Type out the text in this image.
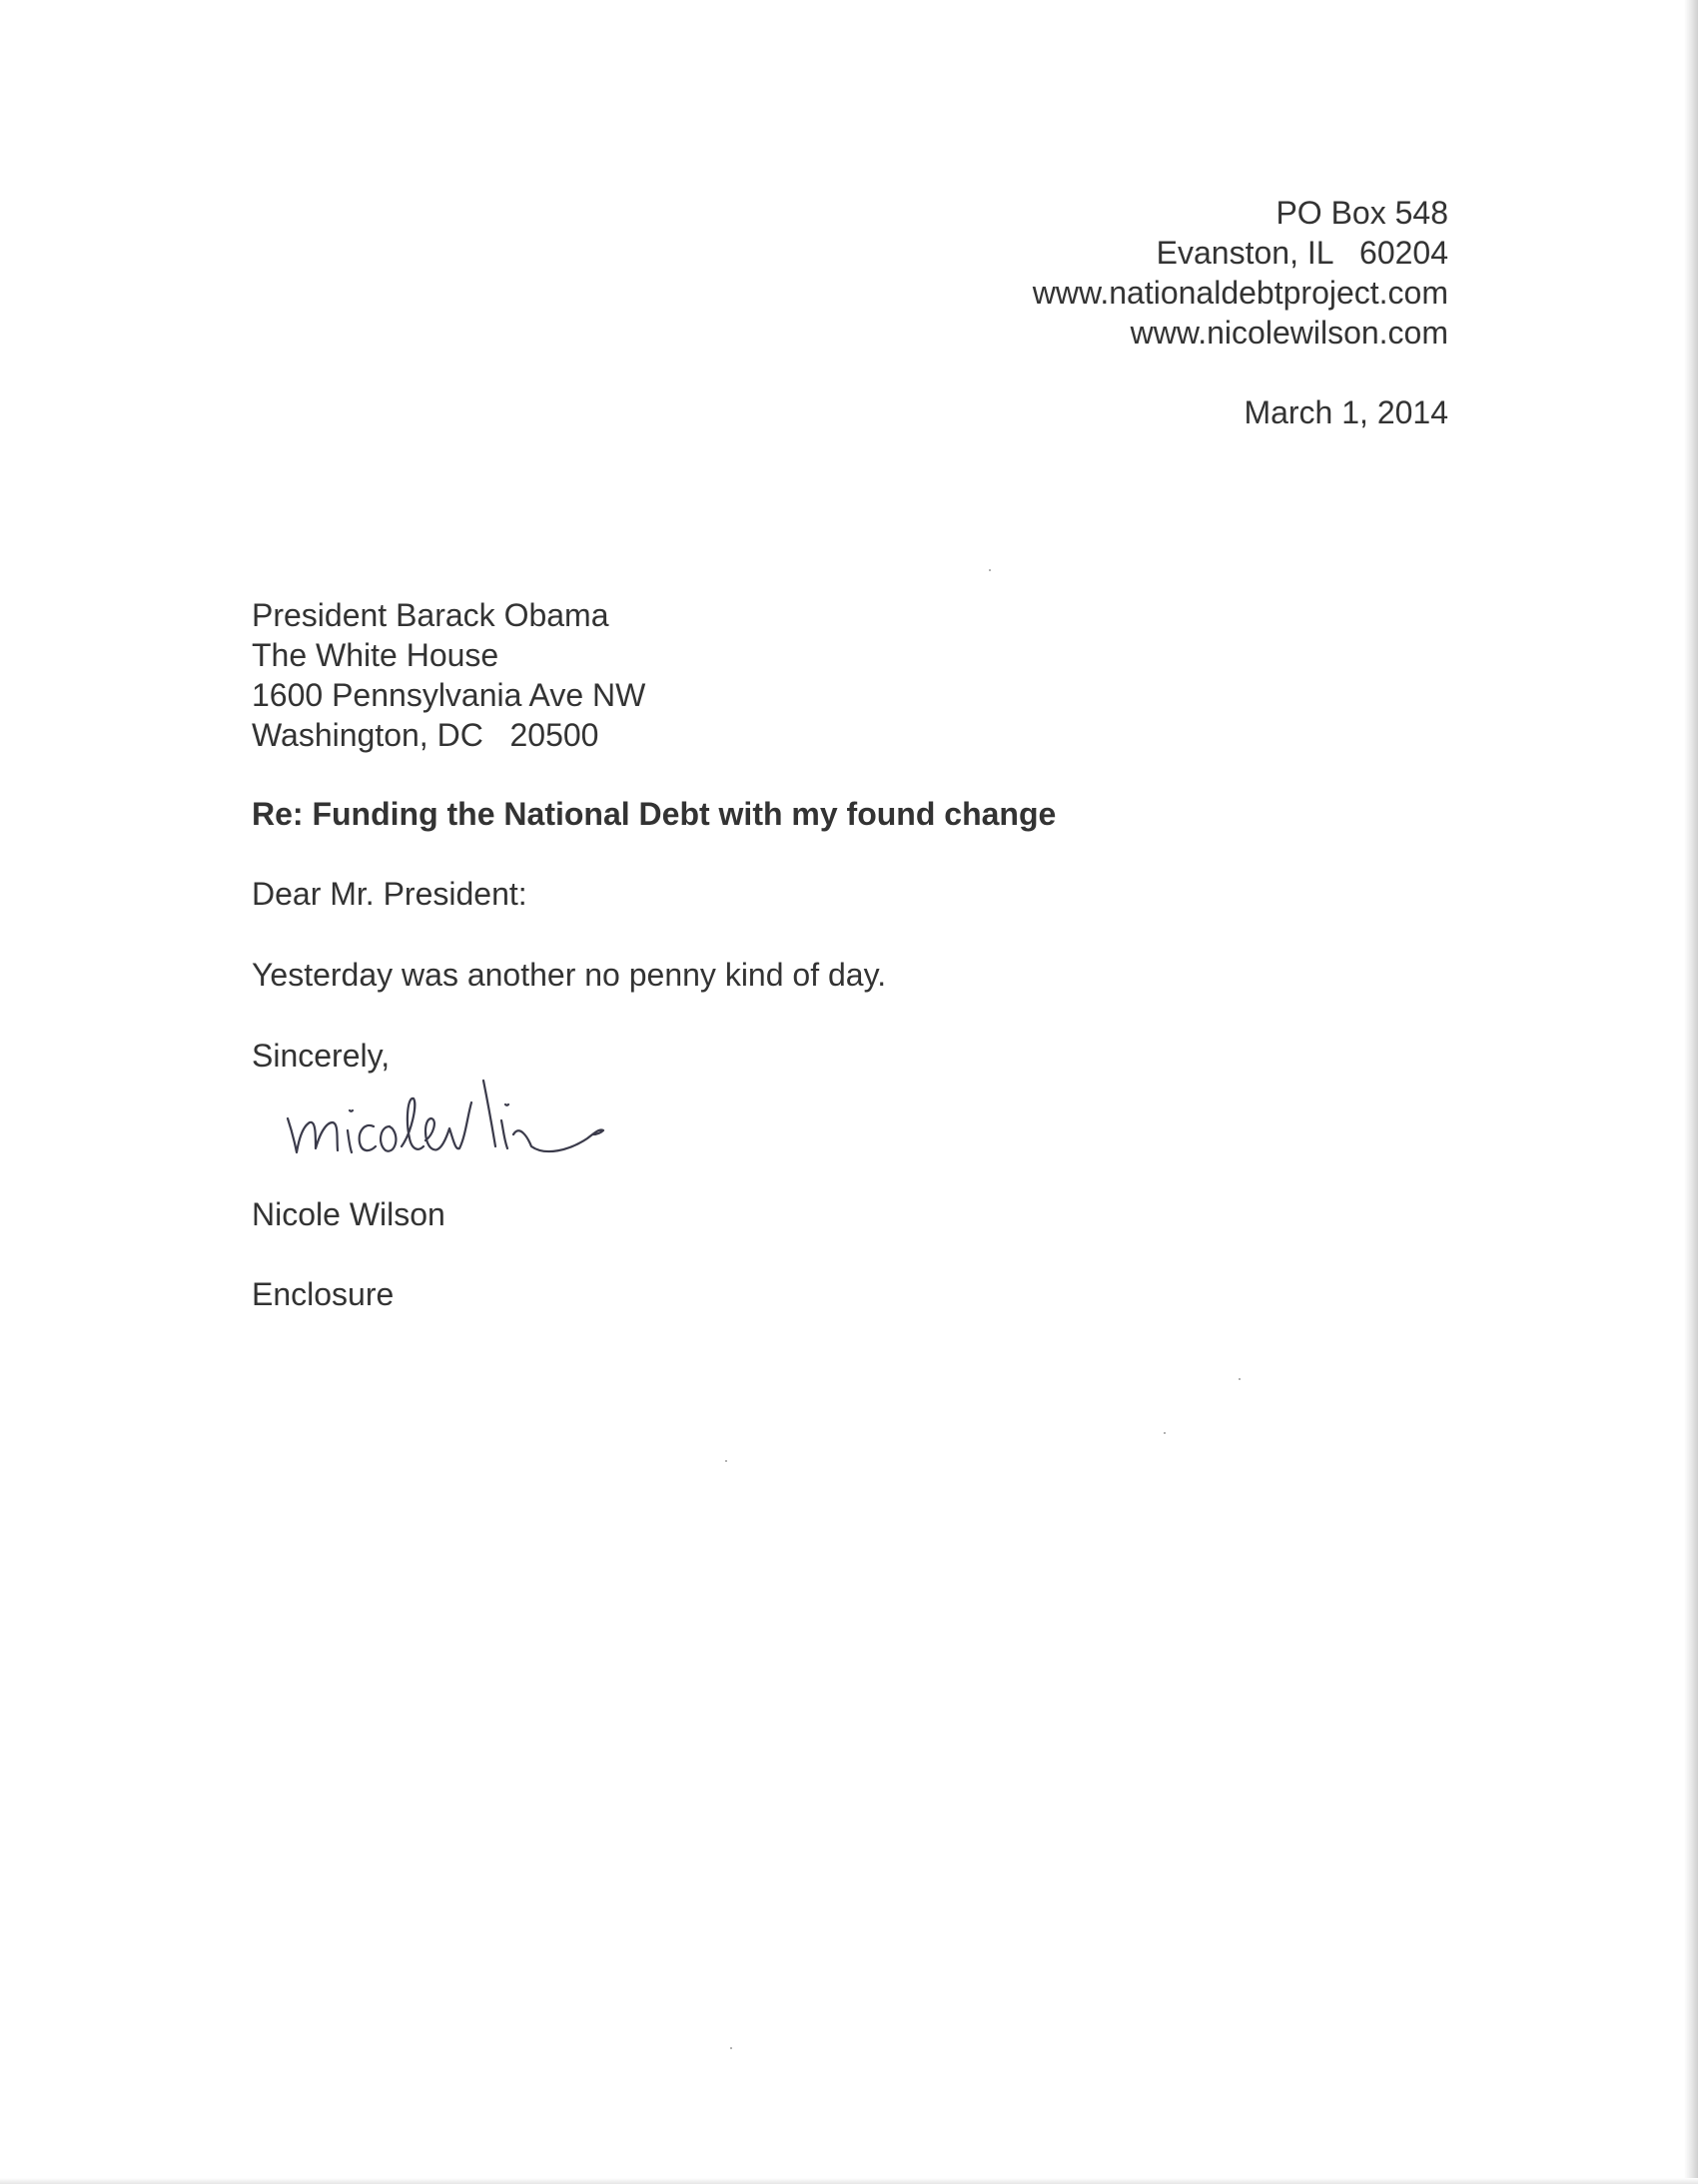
PO Box 548
Evanston, IL   60204
www.nationaldebtproject.com
www.nicolewilson.com
March 1, 2014
President Barack Obama
The White House
1600 Pennsylvania Ave NW
Washington, DC   20500
Re: Funding the National Debt with my found change
Dear Mr. President:
Yesterday was another no penny kind of day.
Sincerely,
Nicole Wilson
Enclosure
